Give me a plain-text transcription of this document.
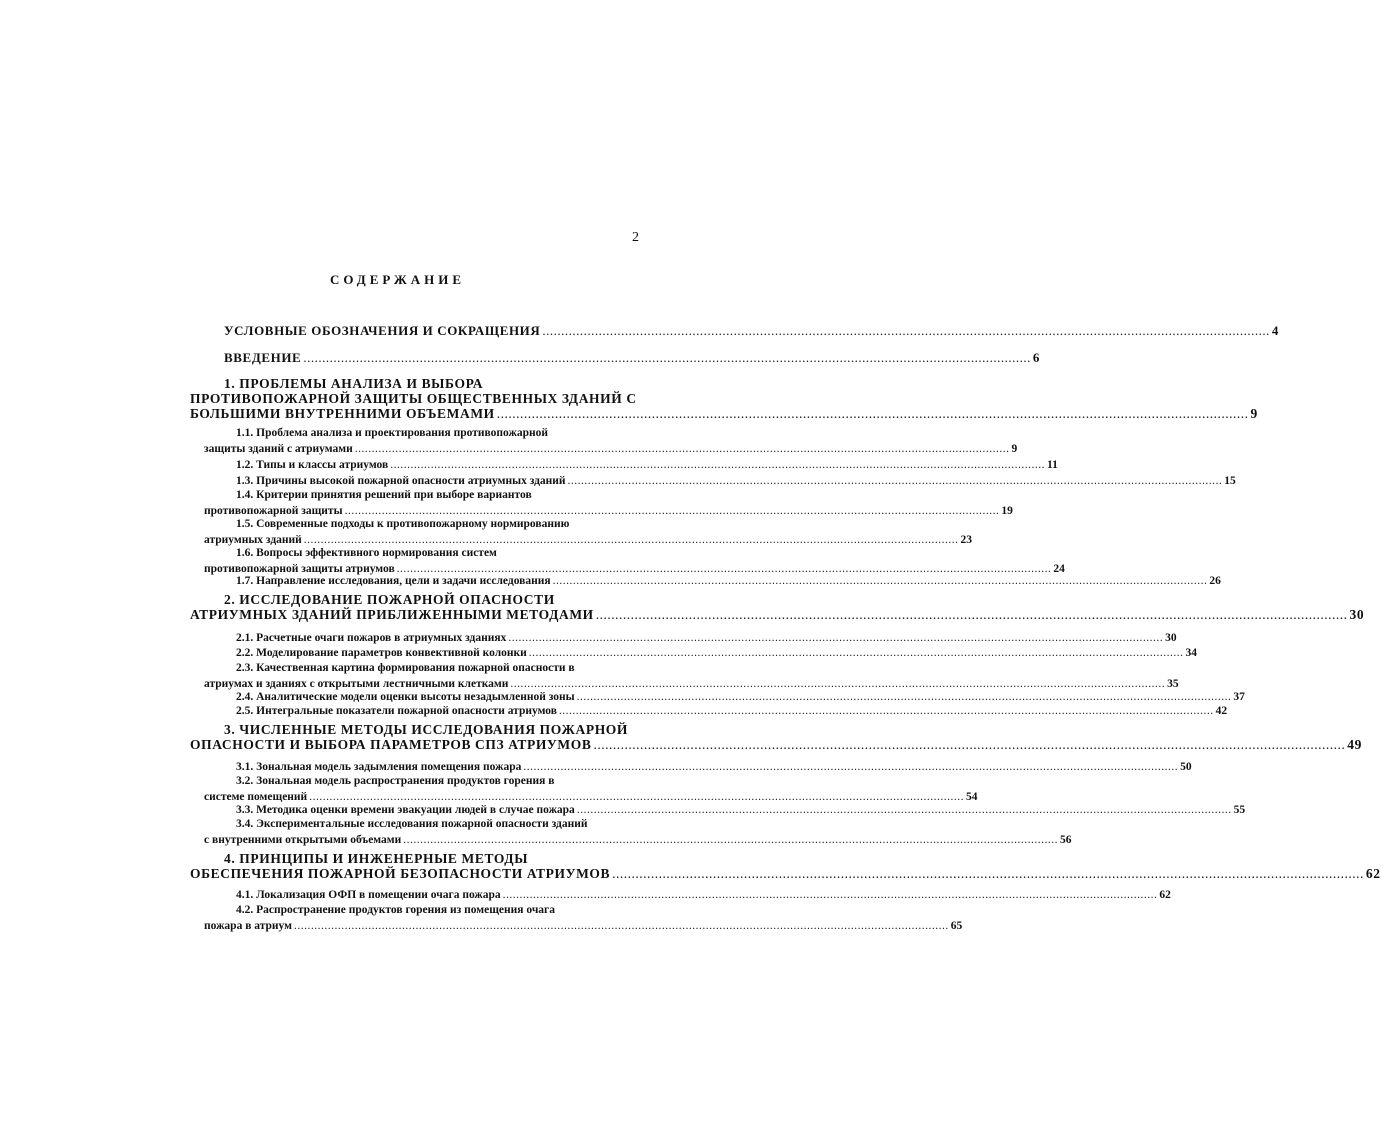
2
СОДЕРЖАНИЕ
УСЛОВНЫЕ ОБОЗНАЧЕНИЯ И СОКРАЩЕНИЯ .................................................................................................................................................................................................. 4
ВВЕДЕНИЕ .................................................................................................................................................................................................. 6
1. ПРОБЛЕМЫ АНАЛИЗА И ВЫБОРА
ПРОТИВОПОЖАРНОЙ ЗАЩИТЫ ОБЩЕСТВЕННЫХ ЗДАНИЙ С
БОЛЬШИМИ ВНУТРЕННИМИ ОБЪЕМАМИ .................................................................................................................................................................................................. 9
1.1. Проблема анализа и проектирования противопожарной
защиты зданий с атриумами .................................................................................................................................................................................................. 9
1.2. Типы и классы атриумов .................................................................................................................................................................................................. 11
1.3. Причины высокой пожарной опасности атриумных зданий .................................................................................................................................................................................................. 15
1.4. Критерии принятия решений при выборе вариантов
противопожарной защиты .................................................................................................................................................................................................. 19
1.5. Современные подходы к противопожарному нормированию
атриумных зданий .................................................................................................................................................................................................. 23
1.6. Вопросы эффективного нормирования систем
противопожарной защиты атриумов .................................................................................................................................................................................................. 24
1.7. Направление исследования, цели и задачи исследования .................................................................................................................................................................................................. 26
2. ИССЛЕДОВАНИЕ ПОЖАРНОЙ ОПАСНОСТИ
АТРИУМНЫХ ЗДАНИЙ ПРИБЛИЖЕННЫМИ МЕТОДАМИ .................................................................................................................................................................................................. 30
2.1. Расчетные очаги пожаров в атриумных зданиях .................................................................................................................................................................................................. 30
2.2. Моделирование параметров конвективной колонки .................................................................................................................................................................................................. 34
2.3. Качественная картина формирования пожарной опасности в
атриумах и зданиях с открытыми лестничными клетками .................................................................................................................................................................................................. 35
2.4. Аналитические модели оценки высоты незадымленной зоны .................................................................................................................................................................................................. 37
2.5. Интегральные показатели пожарной опасности атриумов .................................................................................................................................................................................................. 42
3. ЧИСЛЕННЫЕ МЕТОДЫ ИССЛЕДОВАНИЯ ПОЖАРНОЙ
ОПАСНОСТИ И ВЫБОРА ПАРАМЕТРОВ СПЗ АТРИУМОВ .................................................................................................................................................................................................. 49
3.1. Зональная модель задымления помещения пожара .................................................................................................................................................................................................. 50
3.2. Зональная модель распространения продуктов горения в
системе помещений .................................................................................................................................................................................................. 54
3.3. Методика оценки времени эвакуации людей в случае пожара .................................................................................................................................................................................................. 55
3.4. Экспериментальные исследования пожарной опасности зданий
с внутренними открытыми объемами .................................................................................................................................................................................................. 56
4. ПРИНЦИПЫ И ИНЖЕНЕРНЫЕ МЕТОДЫ
ОБЕСПЕЧЕНИЯ ПОЖАРНОЙ БЕЗОПАСНОСТИ АТРИУМОВ .................................................................................................................................................................................................. 62
4.1. Локализация ОФП в помещении очага пожара .................................................................................................................................................................................................. 62
4.2. Распространение продуктов горения из помещения очага
пожара в атриум .................................................................................................................................................................................................. 65
